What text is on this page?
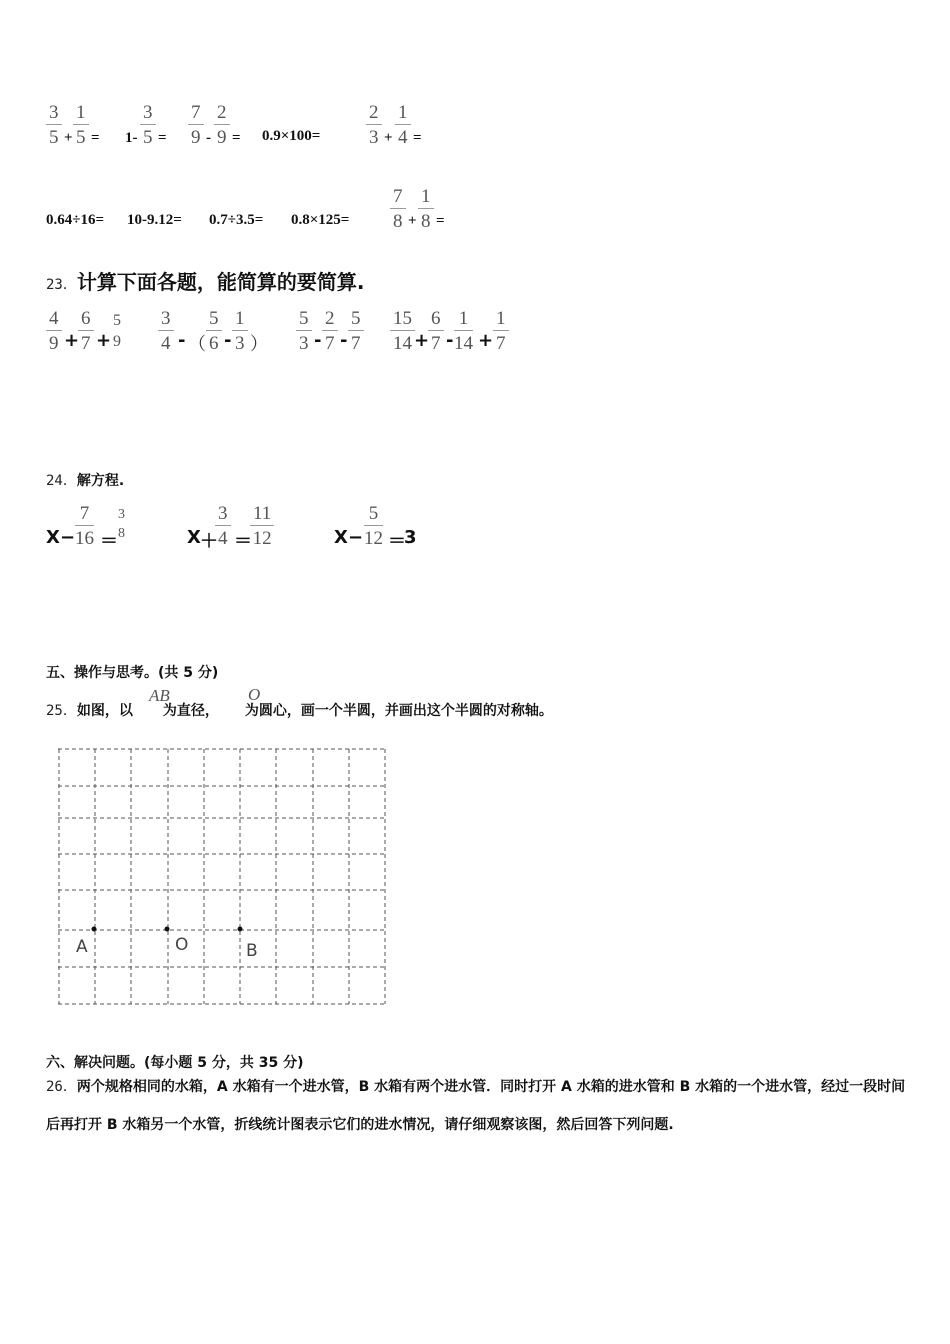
$\frac{3}{5} + \frac{1}{5} = 1- \frac{3}{5} = \frac{7}{9} - \frac{2}{9} = 0.9\times 100= \frac{2}{3} + \frac{1}{4}$ =
$0.64\div 16= 10-9.12= 0.7\div 3.5= 0.8\times 125= \frac{7}{8} + \frac{1}{8}$ =
23．计算下面各题，能简算的要简算.
$\frac{4}{9}$ +
$\frac{6}{7}$ +
5
$9 \frac{3}{4}$ - （ $\frac{5}{6} - \frac{1}{3}$ ） $\frac{5}{3} - \frac{2}{7} - \frac{5}{7} \frac{15}{14}$ +
$\frac{6}{7} - \frac{1}{14} + \frac{1}{7}$
24．解方程.
$X - \frac{7}{16}$ ＝
3
8	X ＋
$\frac{3}{4}$ ＝
$\frac{11}{12}$	$X - \frac{5}{12}$ ＝
3
五、操作与思考。(共 5 分)
25．如图，以 为直径， 为圆心，画一个半圆，并画出这个半圆的对称轴。
AB	O
A	O	B
六、解决问题。(每小题 5 分，共 35 分)
26．两个规格相同的水箱，A 水箱有一个进水管，B 水箱有两个进水管．同时打开 A 水箱的进水管和 B 水箱的一个进水管，经过一段时间后再打开 B 水箱另一个水管，折线统计图表示它们的进水情况，请仔细观察该图，然后回答下列问题.
